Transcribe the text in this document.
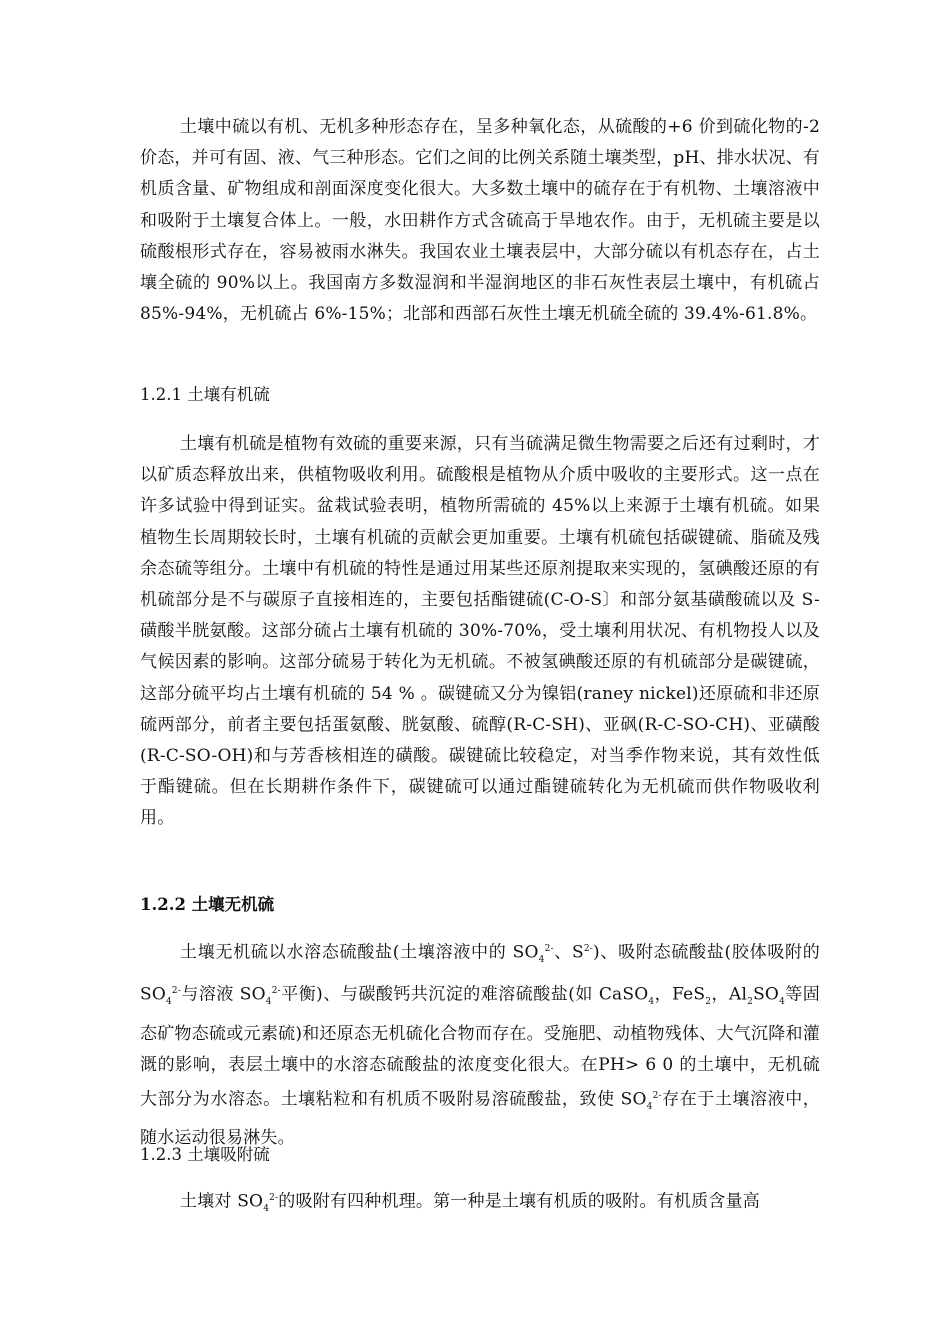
土壤中硫以有机、无机多种形态存在，呈多种氧化态，从硫酸的+6 价到硫化物的-2 价态，并可有固、液、气三种形态。它们之间的比例关系随土壤类型，pH、排水状况、有机质含量、矿物组成和剖面深度变化很大。大多数土壤中的硫存在于有机物、土壤溶液中和吸附于土壤复合体上。一般，水田耕作方式含硫高于旱地农作。由于，无机硫主要是以硫酸根形式存在，容易被雨水淋失。我国农业土壤表层中，大部分硫以有机态存在，占土壤全硫的 90%以上。我国南方多数湿润和半湿润地区的非石灰性表层土壤中，有机硫占 85%-94%，无机硫占 6%-15%；北部和西部石灰性土壤无机硫全硫的 39.4%-61.8%。

1.2.1 土壤有机硫

土壤有机硫是植物有效硫的重要来源，只有当硫满足微生物需要之后还有过剩时，才以矿质态释放出来，供植物吸收利用。硫酸根是植物从介质中吸收的主要形式。这一点在许多试验中得到证实。盆栽试验表明，植物所需硫的 45%以上来源于土壤有机硫。如果植物生长周期较长时，土壤有机硫的贡献会更加重要。土壤有机硫包括碳键硫、脂硫及残余态硫等组分。土壤中有机硫的特性是通过用某些还原剂提取来实现的，氢碘酸还原的有机硫部分是不与碳原子直接相连的，主要包括酯键硫(C-O-S〕和部分氨基磺酸硫以及 S-磺酸半胱氨酸。这部分硫占土壤有机硫的 30%-70%，受土壤利用状况、有机物投人以及气候因素的影响。这部分硫易于转化为无机硫。不被氢碘酸还原的有机硫部分是碳键硫，这部分硫平均占土壤有机硫的 54 % 。碳键硫又分为镍铝(raney nickel)还原硫和非还原硫两部分，前者主要包括蛋氨酸、胱氨酸、硫醇(R-C-SH)、亚砜(R-C-SO-CH)、亚磺酸(R-C-SO-OH)和与芳香核相连的磺酸。碳键硫比较稳定，对当季作物来说，其有效性低于酯键硫。但在长期耕作条件下，碳键硫可以通过酯键硫转化为无机硫而供作物吸收利用。

1.2.2 土壤无机硫

土壤无机硫以水溶态硫酸盐(土壤溶液中的 $SO_4^{2-}$、$S^{2-}$)、吸附态硫酸盐(胶体吸附的 $SO_4^{2-}$与溶液 $SO_4^{2-}$平衡)、与碳酸钙共沉淀的难溶硫酸盐(如 CaSO$_4$，FeS$_2$，$Al_2SO_4$等固态矿物态硫或元素硫)和还原态无机硫化合物而存在。受施肥、动植物残体、大气沉降和灌溉的影响，表层土壤中的水溶态硫酸盐的浓度变化很大。在PH> 6 0 的土壤中，无机硫大部分为水溶态。土壤粘粒和有机质不吸附易溶硫酸盐，致使 $SO_4^{2-}$存在于土壤溶液中，随水运动很易淋失。

1.2.3 土壤吸附硫

土壤对 $SO_4^{2-}$的吸附有四种机理。第一种是土壤有机质的吸附。有机质含量高
